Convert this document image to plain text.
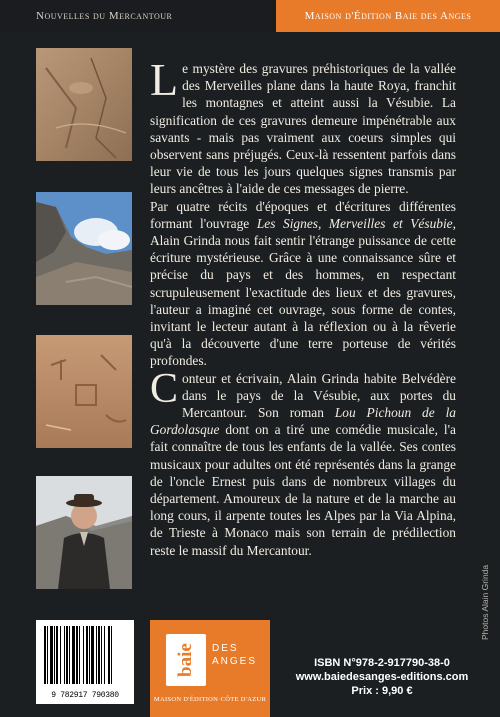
Nouvelles du Mercantour	Maison d'Édition Baie des Anges

Le mystère des gravures préhistoriques de la vallée des Merveilles plane dans la haute Roya, franchit les montagnes et atteint aussi la Vésubie. La signification de ces gravures demeure impénétrable aux savants - mais pas vraiment aux coeurs simples qui observent sans préjugés. Ceux-là ressentent parfois dans leur vie de tous les jours quelques signes transmis par leurs ancêtres à l'aide de ces messages de pierre.

Par quatre récits d'époques et d'écritures différentes formant l'ouvrage Les Signes, Merveilles et Vésubie, Alain Grinda nous fait sentir l'étrange puissance de cette écriture mystérieuse. Grâce à une connaissance sûre et précise du pays et des hommes, en respectant scrupuleusement l'exactitude des lieux et des gravures, l'auteur a imaginé cet ouvrage, sous forme de contes, invitant le lecteur autant à la réflexion ou à la rêverie qu'à la découverte d'une terre porteuse de vérités profondes.

Conteur et écrivain, Alain Grinda habite Belvédère dans le pays de la Vésubie, aux portes du Mercantour. Son roman Lou Pichoun de la Gordolasque dont on a tiré une comédie musicale, l'a fait connaître de tous les enfants de la vallée. Ses contes musicaux pour adultes ont été représentés dans la grange de l'oncle Ernest puis dans de nombreux villages du département. Amoureux de la nature et de la marche au long cours, il arpente toutes les Alpes par la Via Alpina, de Trieste à Monaco mais son terrain de prédilection reste le massif du Mercantour.

Photos Alain Grinda
9 782917 790380
baie	DES
ANGES
MAISON D'ÉDITION·CÔTE D'AZUR
ISBN N°978-2-917790-38-0
www.baiedesanges-editions.com
Prix : 9,90 €
